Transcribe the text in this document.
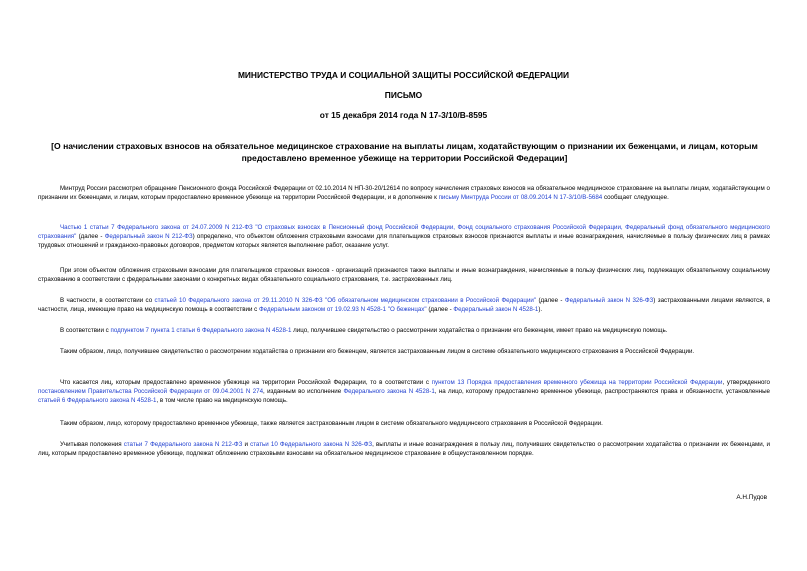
МИНИСТЕРСТВО ТРУДА И СОЦИАЛЬНОЙ ЗАЩИТЫ РОССИЙСКОЙ ФЕДЕРАЦИИ
ПИСЬМО
от 15 декабря 2014 года N 17-3/10/В-8595
[О начислении страховых взносов на обязательное медицинское страхование на выплаты лицам, ходатайствующим о признании их беженцами, и лицам, которым предоставлено временное убежище на территории Российской Федерации]

Минтруд России рассмотрел обращение Пенсионного фонда Российской Федерации от 02.10.2014 N НП-30-20/12614 по вопросу начисления страховых взносов на обязательное медицинское страхование на выплаты лицам, ходатайствующим о признании их беженцами, и лицам, которым предоставлено временное убежище на территории Российской Федерации, и в дополнение к письму Минтруда России от 08.09.2014 N 17-3/10/В-5684 сообщает следующее.

Частью 1 статьи 7 Федерального закона от 24.07.2009 N 212-ФЗ "О страховых взносах в Пенсионный фонд Российской Федерации, Фонд социального страхования Российской Федерации, Федеральный фонд обязательного медицинского страхования" (далее - Федеральный закон N 212-ФЗ) определено, что объектом обложения страховыми взносами для плательщиков страховых взносов признаются выплаты и иные вознаграждения, начисляемые в пользу физических лиц в рамках трудовых отношений и гражданско-правовых договоров, предметом которых является выполнение работ, оказание услуг.

При этом объектом обложения страховыми взносами для плательщиков страховых взносов - организаций признаются также выплаты и иные вознаграждения, начисляемые в пользу физических лиц, подлежащих обязательному социальному страхованию в соответствии с федеральными законами о конкретных видах обязательного социального страхования, т.е. застрахованных лиц.

В частности, в соответствии со статьей 10 Федерального закона от 29.11.2010 N 326-ФЗ "Об обязательном медицинском страховании в Российской Федерации" (далее - Федеральный закон N 326-ФЗ) застрахованными лицами являются, в частности, лица, имеющие право на медицинскую помощь в соответствии с Федеральным законом от 19.02.93 N 4528-1 "О беженцах" (далее - Федеральный закон N 4528-1).

В соответствии с подпунктом 7 пункта 1 статьи 6 Федерального закона N 4528-1 лицо, получившее свидетельство о рассмотрении ходатайства о признании его беженцем, имеет право на медицинскую помощь.

Таким образом, лицо, получившее свидетельство о рассмотрении ходатайства о признании его беженцем, является застрахованным лицом в системе обязательного медицинского страхования в Российской Федерации.

Что касается лиц, которым предоставлено временное убежище на территории Российской Федерации, то в соответствии с пунктом 13 Порядка предоставления временного убежища на территории Российской Федерации, утвержденного постановлением Правительства Российской Федерации от 09.04.2001 N 274, изданным во исполнение Федерального закона N 4528-1, на лицо, которому предоставлено временное убежище, распространяются права и обязанности, установленные статьей 6 Федерального закона N 4528-1, в том числе право на медицинскую помощь.

Таким образом, лицо, которому предоставлено временное убежище, также является застрахованным лицом в системе обязательного медицинского страхования в Российской Федерации.

Учитывая положения статьи 7 Федерального закона N 212-ФЗ и статьи 10 Федерального закона N 326-ФЗ, выплаты и иные вознаграждения в пользу лиц, получивших свидетельство о рассмотрении ходатайства о признании их беженцами, и лиц, которым предоставлено временное убежище, подлежат обложению страховыми взносами на обязательное медицинское страхование в общеустановленном порядке.

А.Н.Пудов
